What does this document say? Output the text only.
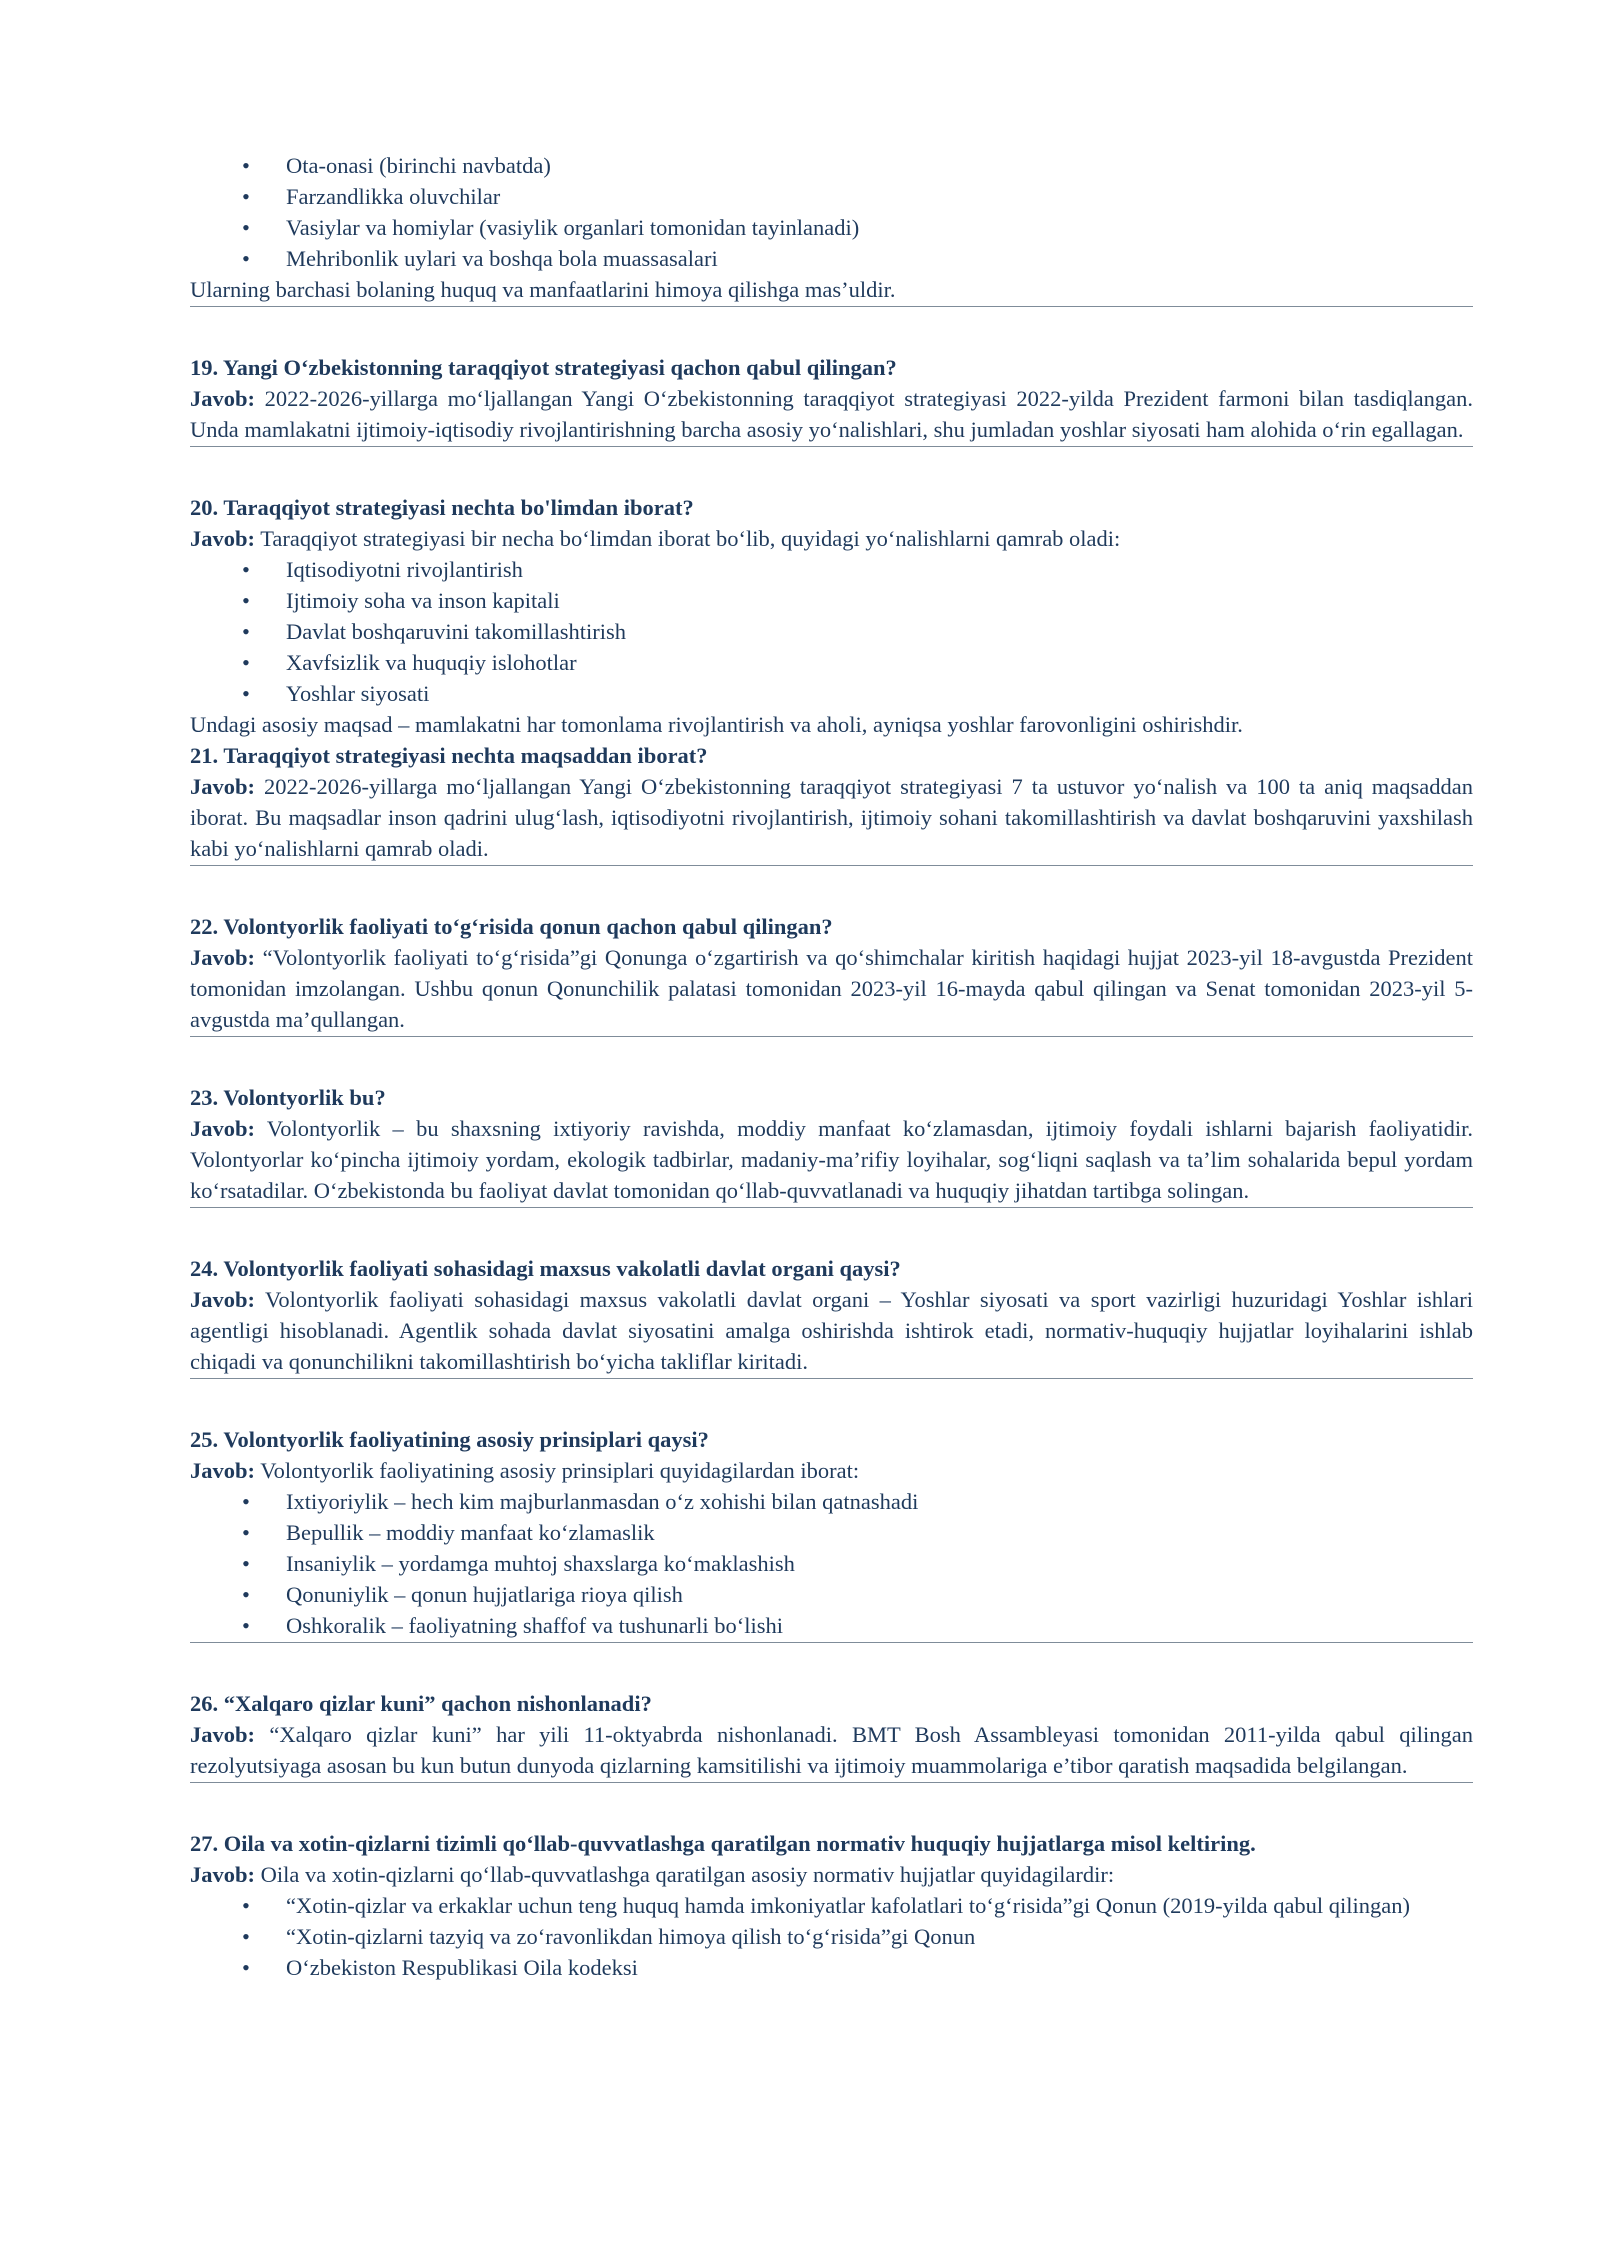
• Ota-onasi (birinchi navbatda)
• Farzandlikka oluvchilar
• Vasiylar va homiylar (vasiylik organlari tomonidan tayinlanadi)
• Mehribonlik uylari va boshqa bola muassasalari

Ularning barchasi bolaning huquq va manfaatlarini himoya qilishga mas’uldir.

19. Yangi O‘zbekistonning taraqqiyot strategiyasi qachon qabul qilingan?

Javob: 2022-2026-yillarga mo‘ljallangan Yangi O‘zbekistonning taraqqiyot strategiyasi 2022-yilda Prezident farmoni bilan tasdiqlangan. Unda mamlakatni ijtimoiy-iqtisodiy rivojlantirishning barcha asosiy yo‘nalishlari, shu jumladan yoshlar siyosati ham alohida o‘rin egallagan.

20. Taraqqiyot strategiyasi nechta bo'limdan iborat?

Javob: Taraqqiyot strategiyasi bir necha bo‘limdan iborat bo‘lib, quyidagi yo‘nalishlarni qamrab oladi:

• Iqtisodiyotni rivojlantirish
• Ijtimoiy soha va inson kapitali
• Davlat boshqaruvini takomillashtirish
• Xavfsizlik va huquqiy islohotlar
• Yoshlar siyosati

Undagi asosiy maqsad – mamlakatni har tomonlama rivojlantirish va aholi, ayniqsa yoshlar farovonligini oshirishdir.

21. Taraqqiyot strategiyasi nechta maqsaddan iborat?

Javob: 2022-2026-yillarga mo‘ljallangan Yangi O‘zbekistonning taraqqiyot strategiyasi 7 ta ustuvor yo‘nalish va 100 ta aniq maqsaddan iborat. Bu maqsadlar inson qadrini ulug‘lash, iqtisodiyotni rivojlantirish, ijtimoiy sohani takomillashtirish va davlat boshqaruvini yaxshilash kabi yo‘nalishlarni qamrab oladi.

22. Volontyorlik faoliyati to‘g‘risida qonun qachon qabul qilingan?

Javob: “Volontyorlik faoliyati to‘g‘risida”gi Qonunga o‘zgartirish va qo‘shimchalar kiritish haqidagi hujjat 2023-yil 18-avgustda Prezident tomonidan imzolangan. Ushbu qonun Qonunchilik palatasi tomonidan 2023-yil 16-mayda qabul qilingan va Senat tomonidan 2023-yil 5-avgustda ma’qullangan.

23. Volontyorlik bu?

Javob: Volontyorlik – bu shaxsning ixtiyoriy ravishda, moddiy manfaat ko‘zlamasdan, ijtimoiy foydali ishlarni bajarish faoliyatidir. Volontyorlar ko‘pincha ijtimoiy yordam, ekologik tadbirlar, madaniy-ma’rifiy loyihalar, sog‘liqni saqlash va ta’lim sohalarida bepul yordam ko‘rsatadilar. O‘zbekistonda bu faoliyat davlat tomonidan qo‘llab-quvvatlanadi va huquqiy jihatdan tartibga solingan.

24. Volontyorlik faoliyati sohasidagi maxsus vakolatli davlat organi qaysi?

Javob: Volontyorlik faoliyati sohasidagi maxsus vakolatli davlat organi – Yoshlar siyosati va sport vazirligi huzuridagi Yoshlar ishlari agentligi hisoblanadi. Agentlik sohada davlat siyosatini amalga oshirishda ishtirok etadi, normativ-huquqiy hujjatlar loyihalarini ishlab chiqadi va qonunchilikni takomillashtirish bo‘yicha takliflar kiritadi.

25. Volontyorlik faoliyatining asosiy prinsiplari qaysi?

Javob: Volontyorlik faoliyatining asosiy prinsiplari quyidagilardan iborat:

• Ixtiyoriylik – hech kim majburlanmasdan o‘z xohishi bilan qatnashadi
• Bepullik – moddiy manfaat ko‘zlamaslik
• Insaniylik – yordamga muhtoj shaxslarga ko‘maklashish
• Qonuniylik – qonun hujjatlariga rioya qilish
• Oshkoralik – faoliyatning shaffof va tushunarli bo‘lishi

26. “Xalqaro qizlar kuni” qachon nishonlanadi?

Javob: “Xalqaro qizlar kuni” har yili 11-oktyabrda nishonlanadi. BMT Bosh Assambleyasi tomonidan 2011-yilda qabul qilingan rezolyutsiyaga asosan bu kun butun dunyoda qizlarning kamsitilishi va ijtimoiy muammolariga e’tibor qaratish maqsadida belgilangan.

27. Oila va xotin-qizlarni tizimli qo‘llab-quvvatlashga qaratilgan normativ huquqiy hujjatlarga misol keltiring.

Javob: Oila va xotin-qizlarni qo‘llab-quvvatlashga qaratilgan asosiy normativ hujjatlar quyidagilardir:

• “Xotin-qizlar va erkaklar uchun teng huquq hamda imkoniyatlar kafolatlari to‘g‘risida”gi Qonun (2019-yilda qabul qilingan)
• “Xotin-qizlarni tazyiq va zo‘ravonlikdan himoya qilish to‘g‘risida”gi Qonun
• O‘zbekiston Respublikasi Oila kodeksi
